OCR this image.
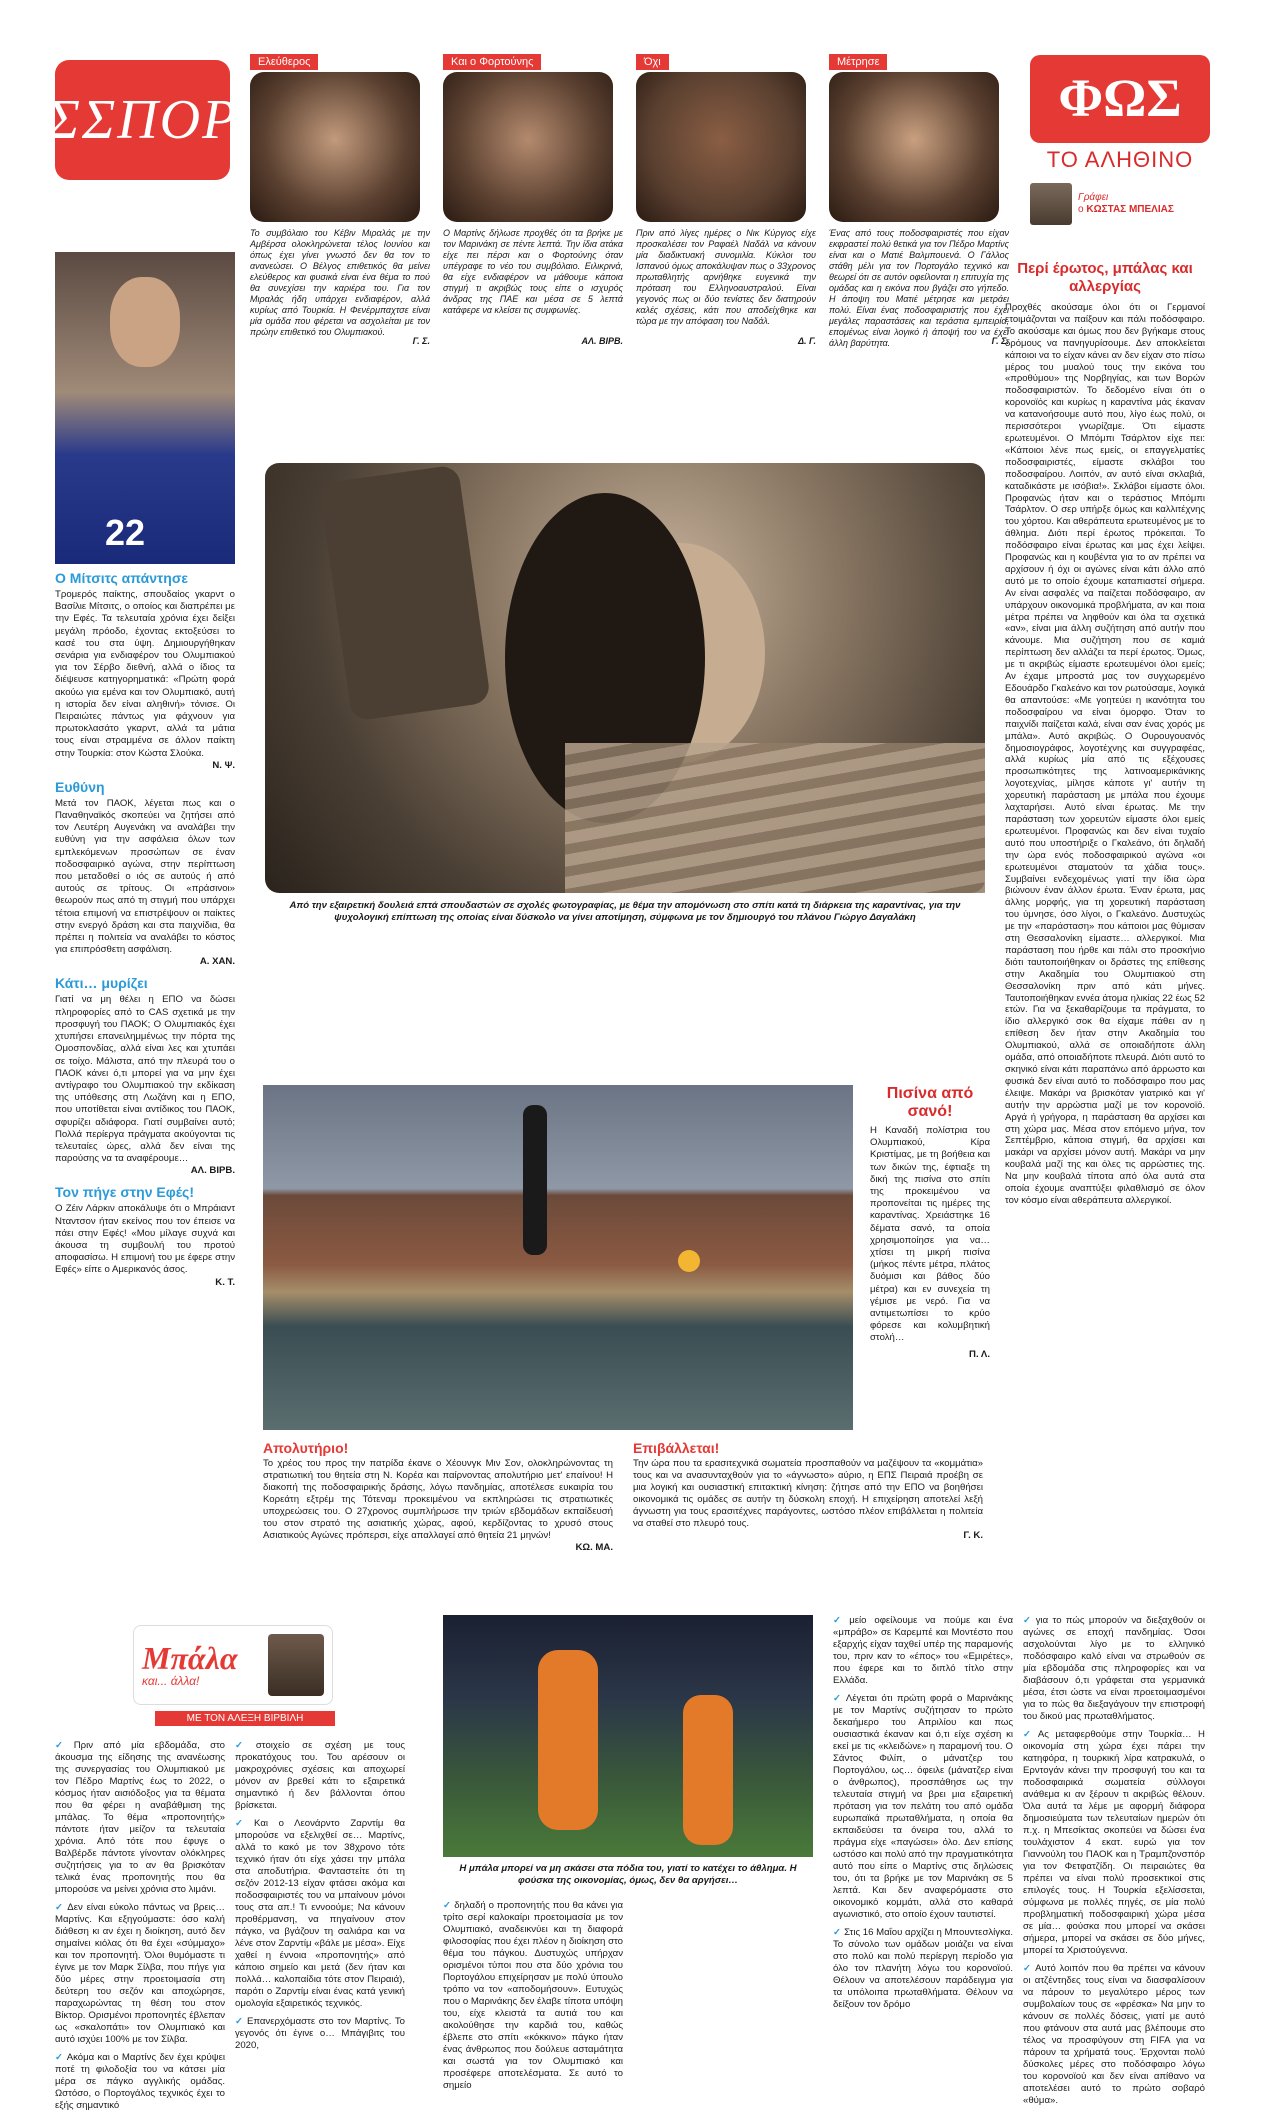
ΣΣΠΟΡ
Ελεύθερος
Το συμβόλαιο του Κέβιν Μιραλάς με την Αμβέρσα ολοκληρώνεται τέλος Ιουνίου και όπως έχει γίνει γνωστό δεν θα τον το ανανεώσει. Ο Βέλγος επιθετικός θα μείνει ελεύθερος και φυσικά είναι ένα θέμα το πού θα συνεχίσει την καριέρα του. Για τον Μιραλάς ήδη υπάρχει ενδιαφέρον, αλλά κυρίως από Τουρκία. Η Φενέρμπαχτσε είναι μία ομάδα που φέρεται να ασχολείται με τον πρώην επιθετικό του Ολυμπιακού.
Γ. Σ.
Και ο Φορτούνης
Ο Μαρτίνς δήλωσε προχθές ότι τα βρήκε με τον Μαρινάκη σε πέντε λεπτά. Την ίδια ατάκα είχε πει πέρσι και ο Φορτούνης όταν υπέγραφε το νέο του συμβόλαιο. Ειλικρινά, θα είχε ενδιαφέρον να μάθουμε κάποια στιγμή τι ακριβώς τους είπε ο ισχυρός άνδρας της ΠΑΕ και μέσα σε 5 λεπτά κατάφερε να κλείσει τις συμφωνίες.
ΑΛ. ΒΙΡΒ.
Όχι
Πριν από λίγες ημέρες ο Νικ Κύργιος είχε προσκαλέσει τον Ραφαέλ Ναδάλ να κάνουν μία διαδικτυακή συνομιλία. Κύκλοι του Ισπανού όμως αποκάλυψαν πως ο 33χρονος πρωταθλητής αρνήθηκε ευγενικά την πρόταση του Ελληνοαυστραλού. Είναι γεγονός πως οι δύο τενίστες δεν διατηρούν καλές σχέσεις, κάτι που αποδείχθηκε και τώρα με την απόφαση του Ναδάλ.
Δ. Γ.
Μέτρησε
Ένας από τους ποδοσφαιριστές που είχαν εκφραστεί πολύ θετικά για τον Πέδρο Μαρτίνς είναι και ο Ματιέ Βαλμπουενά. Ο Γάλλος στάθη μέλι για τον Πορτογάλο τεχνικό και θεωρεί ότι σε αυτόν οφείλονται η επιτυχία της ομάδας και η εικόνα που βγάζει στο γήπεδο. Η άποψη του Ματιέ μέτρησε και μετράει πολύ. Είναι ένας ποδοσφαιριστής που έχει μεγάλες παραστάσεις και τεράστια εμπειρία, επομένως είναι λογικό ή άποψή του να έχει άλλη βαρύτητα.	Γ. Σ.
ΦΩΣ
ΤΟ ΑΛΗΘΙΝΟ
Γράφει
ο ΚΩΣΤΑΣ ΜΠΕΛΙΑΣ
22
Ο Μίτσιτς απάντησε
Τρομερός παίκτης, σπουδαίος γκαρντ ο Βασίλιε Μίτσιτς, ο οποίος και διαπρέπει με την Εφές. Τα τελευταία χρόνια έχει δείξει μεγάλη πρόοδο, έχοντας εκτοξεύσει το κασέ του στα ύψη. Δημιουργήθηκαν σενάρια για ενδιαφέρον του Ολυμπιακού για τον Σέρβο διεθνή, αλλά ο ίδιος τα διέψευσε κατηγορηματικά: «Πρώτη φορά ακούω για εμένα και τον Ολυμπιακό, αυτή η ιστορία δεν είναι αληθινή» τόνισε. Οι Πειραιώτες πάντως για φάχνουν για πρωτοκλασάτο γκαρντ, αλλά τα μάτια τους είναι στραμμένα σε άλλον παίκτη στην Τουρκία: στον Κώστα Σλούκα.
Ν. Ψ.
Ευθύνη
Μετά τον ΠΑΟΚ, λέγεται πως και ο Παναθηναϊκός σκοπεύει να ζητήσει από τον Λευτέρη Αυγενάκη να αναλάβει την ευθύνη για την ασφάλεια όλων των εμπλεκόμενων προσώπων σε έναν ποδοσφαιρικό αγώνα, στην περίπτωση που μεταδοθεί ο ιός σε αυτούς ή από αυτούς σε τρίτους. Οι «πράσινοι» θεωρούν πως από τη στιγμή που υπάρχει τέτοια επιμονή να επιστρέψουν οι παίκτες στην ενεργό δράση και στα παιχνίδια, θα πρέπει η πολιτεία να αναλάβει το κόστος για επιπρόσθετη ασφάλιση.
Α. ΧΑΝ.
Κάτι… μυρίζει
Γιατί να μη θέλει η ΕΠΟ να δώσει πληροφορίες από το CAS σχετικά με την προσφυγή του ΠΑΟΚ; Ο Ολυμπιακός έχει χτυπήσει επανειλημμένως την πόρτα της Ομοσπονδίας, αλλά είναι λες και χτυπάει σε τοίχο. Μάλιστα, από την πλευρά του ο ΠΑΟΚ κάνει ό,τι μπορεί για να μην έχει αντίγραφο του Ολυμπιακού την εκδίκαση της υπόθεσης στη Λωζάνη και η ΕΠΟ, που υποτίθεται είναι αντίδικος του ΠΑΟΚ, σφυρίζει αδιάφορα. Γιατί συμβαίνει αυτό; Πολλά περίεργα πράγματα ακούγονται τις τελευταίες ώρες, αλλά δεν είναι της παρούσης να τα αναφέρουμε…
ΑΛ. ΒΙΡΒ.
Τον πήγε στην Εφές!
Ο Ζέιν Λάρκιν αποκάλυψε ότι ο Μπράιαντ Νταντσον ήταν εκείνος που τον έπεισε να πάει στην Εφές! «Μου μίλαγε συχνά και άκουσα τη συμβουλή του προτού αποφασίσω. Η επιμονή του με έφερε στην Εφές» είπε ο Αμερικανός άσος.
Κ. Τ.
Από την εξαιρετική δουλειά επτά σπουδαστών σε σχολές φωτογραφίας, με θέμα την απομόνωση στο σπίτι κατά τη διάρκεια της καραντίνας, για την ψυχολογική επίπτωση της οποίας είναι δύσκολο να γίνει αποτίμηση, σύμφωνα με τον δημιουργό του πλάνου Γιώργο Δαγαλάκη
Πισίνα από σανό!
Η Καναδή πολίστρια του Ολυμπιακού, Κίρα Κριστίμας, με τη βοήθεια και των δικών της, έφτιαξε τη δική της πισίνα στο σπίτι της προκειμένου να προπονείται τις ημέρες της καραντίνας. Χρειάστηκε 16 δέματα σανό, τα οποία χρησιμοποίησε για να… χτίσει τη μικρή πισίνα (μήκος πέντε μέτρα, πλάτος δυόμισι και βάθος δύο μέτρα) και εν συνεχεία τη γέμισε με νερό. Για να αντιμετωπίσει το κρύο φόρεσε και κολυμβητική στολή…
Π. Λ.
Απολυτήριο!
Το χρέος του προς την πατρίδα έκανε ο Χέουνγκ Μιν Σον, ολοκληρώνοντας τη στρατιωτική του θητεία στη Ν. Κορέα και παίρνοντας απολυτήριο μετ' επαίνου! Η διακοπή της ποδοσφαιρικής δράσης, λόγω πανδημίας, αποτέλεσε ευκαιρία του Κορεάτη εξτρέμ της Τότεναμ προκειμένου να εκπληρώσει τις στρατιωτικές υποχρεώσεις του. Ο 27χρονος συμπλήρωσε την τριών εβδομάδων εκπαίδευσή του στον στρατό της ασιατικής χώρας, αφού, κερδίζοντας το χρυσό στους Ασιατικούς Αγώνες πρόπερσι, είχε απαλλαγεί από θητεία 21 μηνών!
ΚΩ. ΜΑ.
Επιβάλλεται!
Την ώρα που τα ερασιτεχνικά σωματεία προσπαθούν να μαζέψουν τα «κομμάτια» τους και να ανασυνταχθούν για το «άγνωστο» αύριο, η ΕΠΣ Πειραιά προέβη σε μια λογική και ουσιαστική επιτακτική κίνηση: ζήτησε από την ΕΠΟ να βοηθήσει οικονομικά τις ομάδες σε αυτήν τη δύσκολη εποχή. Η επιχείρηση αποτελεί λεξή άγνωστη για τους ερασιτέχνες παράγοντες, ωστόσο πλέον επιβάλλεται η πολιτεία να σταθεί στο πλευρό τους.
Γ. Κ.
Περί έρωτος, μπάλας και αλλεργίας
Προχθές ακούσαμε όλοι ότι οι Γερμανοί ετοιμάζονται να παίξουν και πάλι ποδόσφαιρο. Το ακούσαμε και όμως που δεν βγήκαμε στους δρόμους να πανηγυρίσουμε. Δεν αποκλείεται κάποιοι να το είχαν κάνει αν δεν είχαν στο πίσω μέρος του μυαλού τους την εικόνα του «προθύμου» της Νορβηγίας, και των Βορών ποδοσφαιριστών. Το δεδομένο είναι ότι ο κορονοϊός και κυρίως η καραντίνα μάς έκαναν να κατανοήσουμε αυτό που, λίγο έως πολύ, οι περισσότεροι γνωρίζαμε. Ότι είμαστε ερωτευμένοι. Ο Μπόμπι Τσάρλτον είχε πει: «Κάποιοι λένε πως εμείς, οι επαγγελματίες ποδοσφαιριστές, είμαστε σκλάβοι του ποδοσφαίρου. Λοιπόν, αν αυτό είναι σκλαβιά, καταδικάστε με ισόβια!». Σκλάβοι είμαστε όλοι. Προφανώς ήταν και ο τεράστιος Μπόμπι Τσάρλτον. Ο σερ υπήρξε όμως και καλλιτέχνης του χόρτου. Και αθεράπευτα ερωτευμένος με το άθλημα. Διότι περί έρωτος πρόκειται. Το ποδόσφαιρο είναι έρωτας και μας έχει λείψει. Προφανώς και η κουβέντα για το αν πρέπει να αρχίσουν ή όχι οι αγώνες είναι κάτι άλλο από αυτό με το οποίο έχουμε καταπιαστεί σήμερα. Αν είναι ασφαλές να παίζεται ποδόσφαιρο, αν υπάρχουν οικονομικά προβλήματα, αν και ποια μέτρα πρέπει να ληφθούν και όλα τα σχετικά «αν», είναι μια άλλη συζήτηση από αυτήν που κάνουμε. Μια συζήτηση που σε καμιά περίπτωση δεν αλλάζει τα περί έρωτος. Όμως, με τι ακριβώς είμαστε ερωτευμένοι όλοι εμείς; Αν έχαμε μπροστά μας τον συγχωρεμένο Εδουάρδο Γκαλεάνο και τον ρωτούσαμε, λογικά θα απαντούσε: «Με γοητεύει η ικανότητα του ποδοσφαίρου να είναι όμορφο. Όταν το παιχνίδι παίζεται καλά, είναι σαν ένας χορός με μπάλα». Αυτό ακριβώς. Ο Ουρουγουανός δημοσιογράφος, λογοτέχνης και συγγραφέας, αλλά κυρίως μία από τις εξέχουσες προσωπικότητες της λατινοαμερικάνικης λογοτεχνίας, μίλησε κάποτε γι' αυτήν τη χορευτική παράσταση με μπάλα που έχουμε λαχταρήσει. Αυτό είναι έρωτας. Με την παράσταση των χορευτών είμαστε όλοι εμείς ερωτευμένοι. Προφανώς και δεν είναι τυχαίο αυτό που υποστήριξε ο Γκαλεάνο, ότι δηλαδή την ώρα ενός ποδοσφαιρικού αγώνα «οι ερωτευμένοι σταματούν τα χάδια τους». Συμβαίνει ενδεχομένως γιατί την ίδια ώρα βιώνουν έναν άλλον έρωτα. Έναν έρωτα, μας άλλης μορφής, για τη χορευτική παράσταση του ύμνησε, όσο λίγοι, ο Γκαλεάνο. Δυστυχώς με την «παράσταση» που κάποιοι μας θύμισαν στη Θεσσαλονίκη είμαστε… αλλεργικοί. Μια παράσταση που ήρθε και πάλι στο προσκήνιο διότι ταυτοποιήθηκαν οι δράστες της επίθεσης στην Ακαδημία του Ολυμπιακού στη Θεσσαλονίκη πριν από κάτι μήνες. Ταυτοποιήθηκαν εννέα άτομα ηλικίας 22 έως 52 ετών. Για να ξεκαθαρίζουμε τα πράγματα, το ίδιο αλλεργικό σοκ θα είχαμε πάθει αν η επίθεση δεν ήταν στην Ακαδημία του Ολυμπιακού, αλλά σε οποιαδήποτε άλλη ομάδα, από οποιαδήποτε πλευρά. Διότι αυτό το σκηνικό είναι κάτι παραπάνω από άρρωστο και φυσικά δεν είναι αυτό το ποδόσφαιρο που μας έλειψε. Μακάρι να βρισκόταν γιατρικό και γι' αυτήν την αρρώστια μαζί με τον κορονοϊό. Αργά ή γρήγορα, η παράσταση θα αρχίσει και στη χώρα μας. Μέσα στον επόμενο μήνα, τον Σεπτέμβριο, κάποια στιγμή, θα αρχίσει και μακάρι να αρχίσει μόνον αυτή. Μακάρι να μην κουβαλά μαζί της και όλες τις αρρώστιες της. Να μην κουβαλά τίποτα από όλα αυτά στα οποία έχουμε αναπτύξει φιλαθλισμό σε όλον τον κόσμο είναι αθεράπευτα αλλεργικοί.
Μπάλα
και... άλλα!
ΜΕ ΤΟΝ ΑΛΕΞΗ ΒΙΡΒΙΛΗ

✓ Πριν από μία εβδομάδα, στο άκουσμα της είδησης της ανανέωσης της συνεργασίας του Ολυμπιακού με τον Πέδρο Μαρτίνς έως το 2022, ο κόσμος ήταν αισιόδοξος για τα θέματα που θα φέρει η αναβάθμιση της μπάλας. Το θέμα «προπονητής» πάντοτε ήταν μείζον τα τελευταία χρόνια. Από τότε που έφυγε ο Βαλβέρδε πάντοτε γίνονταν ολόκληρες συζητήσεις για το αν θα βρισκόταν τελικά ένας προπονητής που θα μπορούσε να μείνει χρόνια στο λιμάνι.

✓ Δεν είναι εύκολο πάντως να βρεις… Μαρτίνς. Και εξηγούμαστε: όσο καλή διάθεση κι αν έχει η διοίκηση, αυτό δεν σημαίνει κιόλας ότι θα έχει «σύμμαχο» και τον προπονητή. Όλοι θυμόμαστε τι έγινε με τον Μαρκ Σίλβα, που πήγε για δύο μέρες στην προετοιμασία στη δεύτερη του σεζόν και αποχώρησε, παραχωρώντας τη θέση του στον Βίκτορ. Ορισμένοι προπονητές έβλεπαν ως «σκαλοπάτι» τον Ολυμπιακό και αυτό ισχύει 100% με τον Σίλβα.

✓ Ακόμα και ο Μαρτίνς δεν έχει κρύψει ποτέ τη φιλοδοξία του να κάτσει μία μέρα σε πάγκο αγγλικής ομάδας. Ωστόσο, ο Πορτογάλος τεχνικός έχει το εξής σημαντικό

✓ στοιχείο σε σχέση με τους προκατόχους του. Του αρέσουν οι μακροχρόνιες σχέσεις και αποχωρεί μόνον αν βρεθεί κάτι το εξαιρετικά σημαντικό ή δεν βάλλονται όπου βρίσκεται.

✓ Και ο Λεονάρντο Ζαρντίμ θα μπορούσε να εξελιχθεί σε… Μαρτίνς, αλλά το κακό με τον 38χρονο τότε τεχνικό ήταν ότι είχε χάσει την μπάλα στα αποδυτήρια. Φανταστείτε ότι τη σεζόν 2012-13 είχαν φτάσει ακόμα και ποδοσφαιριστές του να μπαίνουν μόνοι τους στα απ.! Τι εννοούμε; Να κάνουν προθέρμανση, να πηγαίνουν στον πάγκο, να βγάζουν τη σαλιάρα και να λένε στον Ζαρντίμ «βάλε με μέσα». Είχε χαθεί η έννοια «προπονητής» από κάποιο σημείο και μετά (δεν ήταν και πολλά… καλοπαίδια τότε στον Πειραιά), παρότι ο Ζαρντίμ είναι ένας κατά γενική ομολογία εξαιρετικός τεχνικός.

✓ Επανερχόμαστε στο τον Μαρτίνς. Το γεγονός ότι έγινε ο… Μπάγιβιτς του 2020,

Η μπάλα μπορεί να μη σκάσει στα πόδια του, γιατί το κατέχει το άθλημα. Η φούσκα της οικονομίας, όμως, δεν θα αργήσει…

✓ δηλαδή ο προπονητής που θα κάνει για τρίτο σερί καλοκαίρι προετοιμασία με τον Ολυμπιακό, αναδεικνύει και τη διαφορά φιλοσοφίας που έχει πλέον η διοίκηση στο θέμα του πάγκου. Δυστυχώς υπήρχαν ορισμένοι τύποι που στα δύο χρόνια του Πορτογάλου επιχείρησαν με πολύ ύπουλο τρόπο να τον «αποδομήσουν». Ευτυχώς που ο Μαρινάκης δεν έλαβε τίποτα υπόψη του, είχε κλειστά τα αυτιά του και ακολούθησε την καρδιά του, καθώς έβλεπε στο σπίτι «κόκκινο» πάγκο ήταν ένας άνθρωπος που δούλευε ασταμάτητα και σωστά για τον Ολυμπιακό και προσέφερε αποτελέσματα. Σε αυτό το σημείο

✓ μείο οφείλουμε να πούμε και ένα «μπράβο» σε Καρεμπέ και Μοντέστο που εξαρχής είχαν ταχθεί υπέρ της παραμονής του, πριν καν το «έπος» του «Εμιρέτες», που έφερε και το διπλό τίτλο στην Ελλάδα.

✓ Λέγεται ότι πρώτη φορά ο Μαρινάκης με τον Μαρτίνς συζήτησαν το πρώτο δεκαήμερο του Απριλίου και πως ουσιαστικά έκαναν και ό,τι είχε σχέση κι εκεί με τις «κλειδώνε» η παραμονή του. Ο Σάντος Φιλίπ, ο μάνατζερ του Πορτογάλου, ως… όφειλε (μάνατζερ είναι ο άνθρωπος), προσπάθησε ως την τελευταία στιγμή να βρει μια εξαιρετική πρόταση για τον πελάτη του από ομάδα ευρωπαϊκά πρωταθλήματα, η οποία θα εκπαιδεύσει τα όνειρα του, αλλά το πράγμα είχε «παγώσει» όλο. Δεν επίσης ωστόσο και πολύ από την πραγματικότητα αυτό που είπε ο Μαρτίνς στις δηλώσεις του, ότι τα βρήκε με τον Μαρινάκη σε 5 λεπτά. Και δεν αναφερόμαστε στο οικονομικό κομμάτι, αλλά στο καθαρά αγωνιστικό, στο οποίο έχουν ταυτιστεί.

✓ Στις 16 Μαΐου αρχίζει η Μπουντεσλίγκα. Το σύνολο των ομάδων μοιάζει να είναι στο πολύ και πολύ περίεργη περίοδο για όλο τον πλανήτη λόγω του κορονοϊού. Θέλουν να αποτελέσουν παράδειγμα για τα υπόλοιπα πρωταθλήματα. Θέλουν να δείξουν τον δρόμο

✓ για το πώς μπορούν να διεξαχθούν οι αγώνες σε εποχή πανδημίας. Όσοι ασχολούνται λίγο με το ελληνικό ποδόσφαιρο καλό είναι να στρωθούν σε μία εβδομάδα στις πληροφορίες και να διαβάσουν ό,τι γράφεται στα γερμανικά μέσα, έτσι ώστε να είναι προετοιμασμένοι για το πώς θα διεξαγάγουν την επιστροφή του δικού μας πρωταθλήματος.

✓ Ας μεταφερθούμε στην Τουρκία… Η οικονομία στη χώρα έχει πάρει την κατηφόρα, η τουρκική λίρα κατρακυλά, ο Ερντογάν κάνει την προσφυγή του και τα ποδοσφαιρικά σωματεία σύλλογοι ανάθεμα κι αν ξέρουν τι ακριβώς θέλουν. Όλα αυτά τα λέμε με αφορμή διάφορα δημοσιεύματα των τελευταίων ημερών ότι π.χ. η Μπεσίκτας σκοπεύει να δώσει ένα τουλάχιστον 4 εκατ. ευρώ για τον Γιαννούλη του ΠΑΟΚ και η Τραμπζονσπόρ για τον Φετφατζίδη. Οι πειραιώτες θα πρέπει να είναι πολύ προσεκτικοί στις επιλογές τους. Η Τουρκία εξελίσσεται, σύμφωνα με πολλές πηγές, σε μία πολύ προβληματική ποδοσφαιρική χώρα μέσα σε μία… φούσκα που μπορεί να σκάσει σήμερα, μπορεί να σκάσει σε δύο μήνες, μπορεί τα Χριστούγεννα.

✓ Αυτό λοιπόν που θα πρέπει να κάνουν οι ατζέντηδες τους είναι να διασφαλίσουν να πάρουν το μεγαλύτερο μέρος των συμβολαίων τους σε «φρέσκα» Να μην το κάνουν σε πολλές δόσεις, γιατί με αυτό που φτάνουν στα αυτά μας βλέπουμε στο τέλος να προσφύγουν στη FIFA για να πάρουν τα χρήματά τους. Έρχονται πολύ δύσκολες μέρες στο ποδόσφαιρο λόγω του κορονοϊού και δεν είναι απίθανο να αποτελέσει αυτό το πρώτο σοβαρό «θύμα».
